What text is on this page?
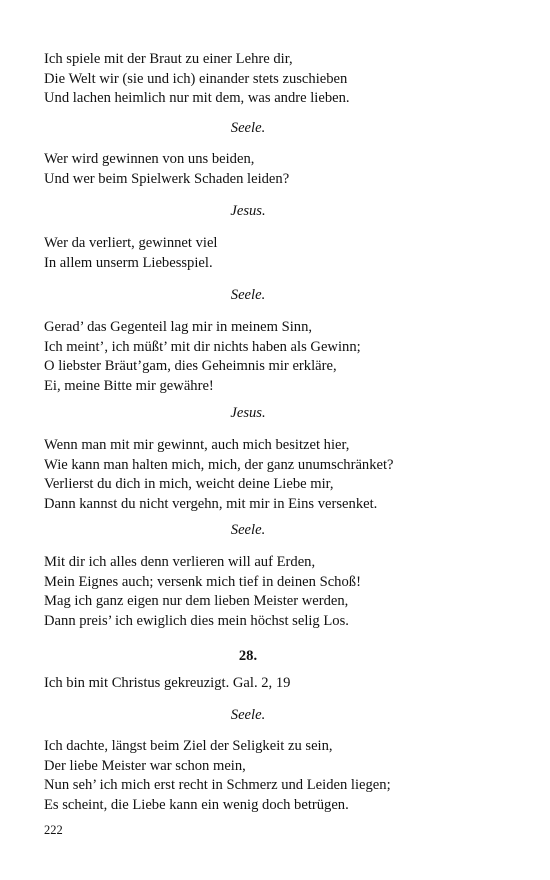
Ich spiele mit der Braut zu einer Lehre dir,
Die Welt wir (sie und ich) einander stets zuschieben
Und lachen heimlich nur mit dem, was andre lieben.
Seele.
Wer wird gewinnen von uns beiden,
Und wer beim Spielwerk Schaden leiden?
Jesus.
Wer da verliert, gewinnet viel
In allem unserm Liebesspiel.
Seele.
Gerad’ das Gegenteil lag mir in meinem Sinn,
Ich meint’, ich müßt’ mit dir nichts haben als Gewinn;
O liebster Bräut’gam, dies Geheimnis mir erkläre,
Ei, meine Bitte mir gewähre!
Jesus.
Wenn man mit mir gewinnt, auch mich besitzet hier,
Wie kann man halten mich, mich, der ganz unumschränket?
Verlierst du dich in mich, weicht deine Liebe mir,
Dann kannst du nicht vergehn, mit mir in Eins versenket.
Seele.
Mit dir ich alles denn verlieren will auf Erden,
Mein Eignes auch; versenk mich tief in deinen Schoß!
Mag ich ganz eigen nur dem lieben Meister werden,
Dann preis’ ich ewiglich dies mein höchst selig Los.
28.
Ich bin mit Christus gekreuzigt. Gal. 2, 19
Seele.
Ich dachte, längst beim Ziel der Seligkeit zu sein,
Der liebe Meister war schon mein,
Nun seh’ ich mich erst recht in Schmerz und Leiden liegen;
Es scheint, die Liebe kann ein wenig doch betrügen.
222
